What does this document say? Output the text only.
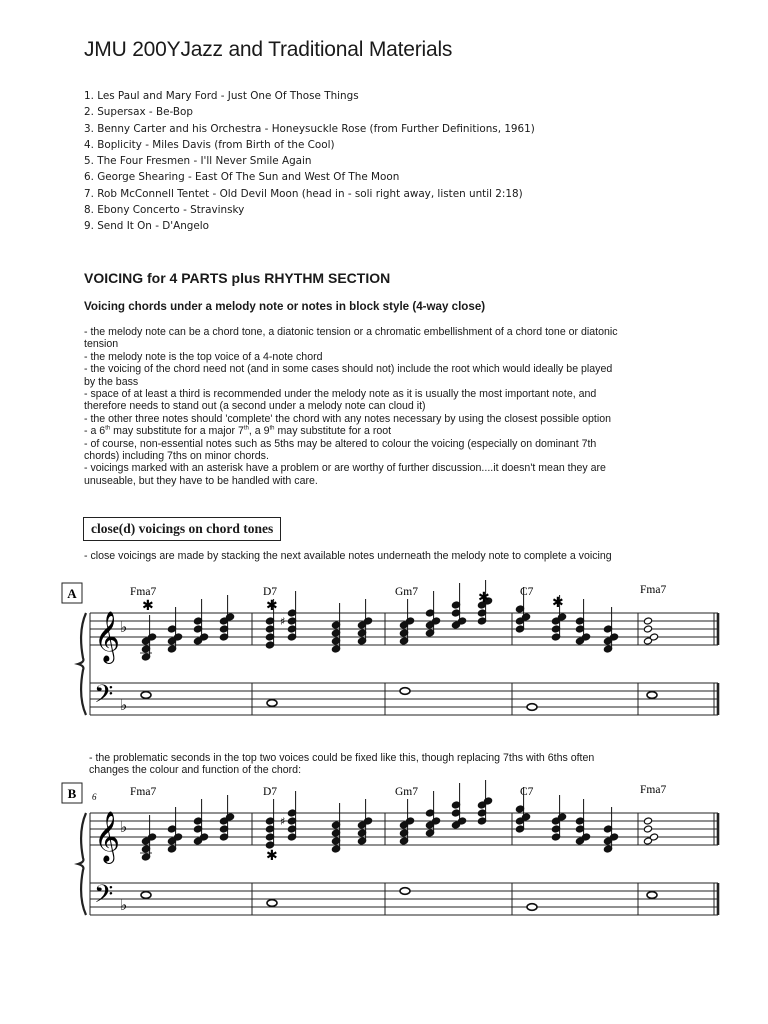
JMU 200YJazz and Traditional Materials
1. Les Paul and Mary Ford - Just One Of Those Things
2. Supersax - Be-Bop
3. Benny Carter and his Orchestra - Honeysuckle Rose (from Further Definitions, 1961)
4. Boplicity - Miles Davis (from Birth of the Cool)
5. The Four Fresmen - I'll Never Smile Again
6. George Shearing - East Of The Sun and West Of The Moon
7. Rob McConnell Tentet - Old Devil Moon (head in - soli right away, listen until 2:18)
8. Ebony Concerto - Stravinsky
9. Send It On - D'Angelo
VOICING for 4 PARTS plus RHYTHM SECTION
Voicing chords under a melody note or notes in block style (4-way close)

- the melody note can be a chord tone, a diatonic tension or a chromatic embellishment of a chord tone or diatonic tension

- the melody note is the top voice of a 4-note chord

- the voicing of the chord need not (and in some cases should not) include the root which would ideally be played by the bass

- space of at least a third is recommended under the melody note as it is usually the most important note, and therefore needs to stand out (a second under a melody note can cloud it)

- the other three notes should 'complete' the chord with any notes necessary by using the closest possible option

- a 6th may substitute for a major 7th, a 9th may substitute for a root

- of course, non-essential notes such as 5ths may be altered to colour the voicing (especially on dominant 7th chords) including 7ths on minor chords.

- voicings marked with an asterisk have a problem or are worthy of further discussion....it doesn't mean they are unuseable, but they have to be handled with care.

close(d) voicings on chord tones

- close voicings are made by stacking the next available notes underneath the melody note to complete a voicing

𝄞
𝄢
♭
♭
Fma7	D7	Gm7	C7	Fma7
A
✱	✱
♯
✱	✱

- the problematic seconds in the top two voices could be fixed like this, though replacing 7ths with 6ths often changes the colour and function of the chord:

𝄞
𝄢
♭
♭
Fma7	D7	Gm7	C7	Fma7
B 6
✱
♯
